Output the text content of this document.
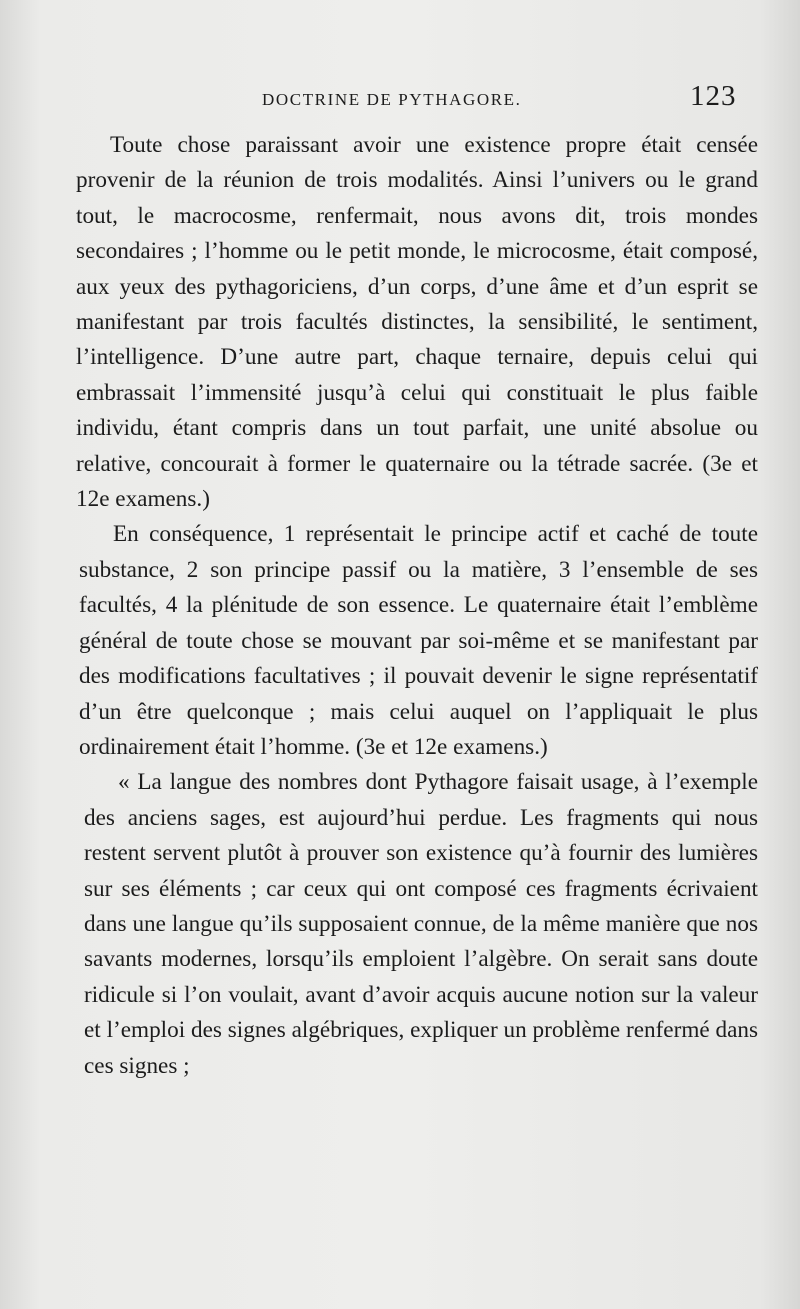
DOCTRINE DE PYTHAGORE.	123

Toute chose paraissant avoir une existence propre était censée provenir de la réunion de trois modalités. Ainsi l’univers ou le grand tout, le macrocosme, renfermait, nous avons dit, trois mondes secondaires ; l’homme ou le petit monde, le microcosme, était composé, aux yeux des pythagoriciens, d’un corps, d’une âme et d’un esprit se manifestant par trois facultés distinctes, la sensibilité, le sentiment, l’intelligence. D’une autre part, chaque ternaire, depuis celui qui embrassait l’immensité jusqu’à celui qui constituait le plus faible individu, étant compris dans un tout parfait, une unité absolue ou relative, concourait à former le quaternaire ou la tétrade sacrée. (3e et 12e examens.)

En conséquence, 1 représentait le principe actif et caché de toute substance, 2 son principe passif ou la matière, 3 l’ensemble de ses facultés, 4 la plénitude de son essence. Le quaternaire était l’emblème général de toute chose se mouvant par soi-même et se manifestant par des modifications facultatives ; il pouvait devenir le signe représentatif d’un être quelconque ; mais celui auquel on l’appliquait le plus ordinairement était l’homme. (3e et 12e examens.)

« La langue des nombres dont Pythagore faisait usage, à l’exemple des anciens sages, est aujourd’hui perdue. Les fragments qui nous restent servent plutôt à prouver son existence qu’à fournir des lumières sur ses éléments ; car ceux qui ont composé ces fragments écrivaient dans une langue qu’ils supposaient connue, de la même manière que nos savants modernes, lorsqu’ils emploient l’algèbre. On serait sans doute ridicule si l’on voulait, avant d’avoir acquis aucune notion sur la valeur et l’emploi des signes algébriques, expliquer un problème renfermé dans ces signes ;
